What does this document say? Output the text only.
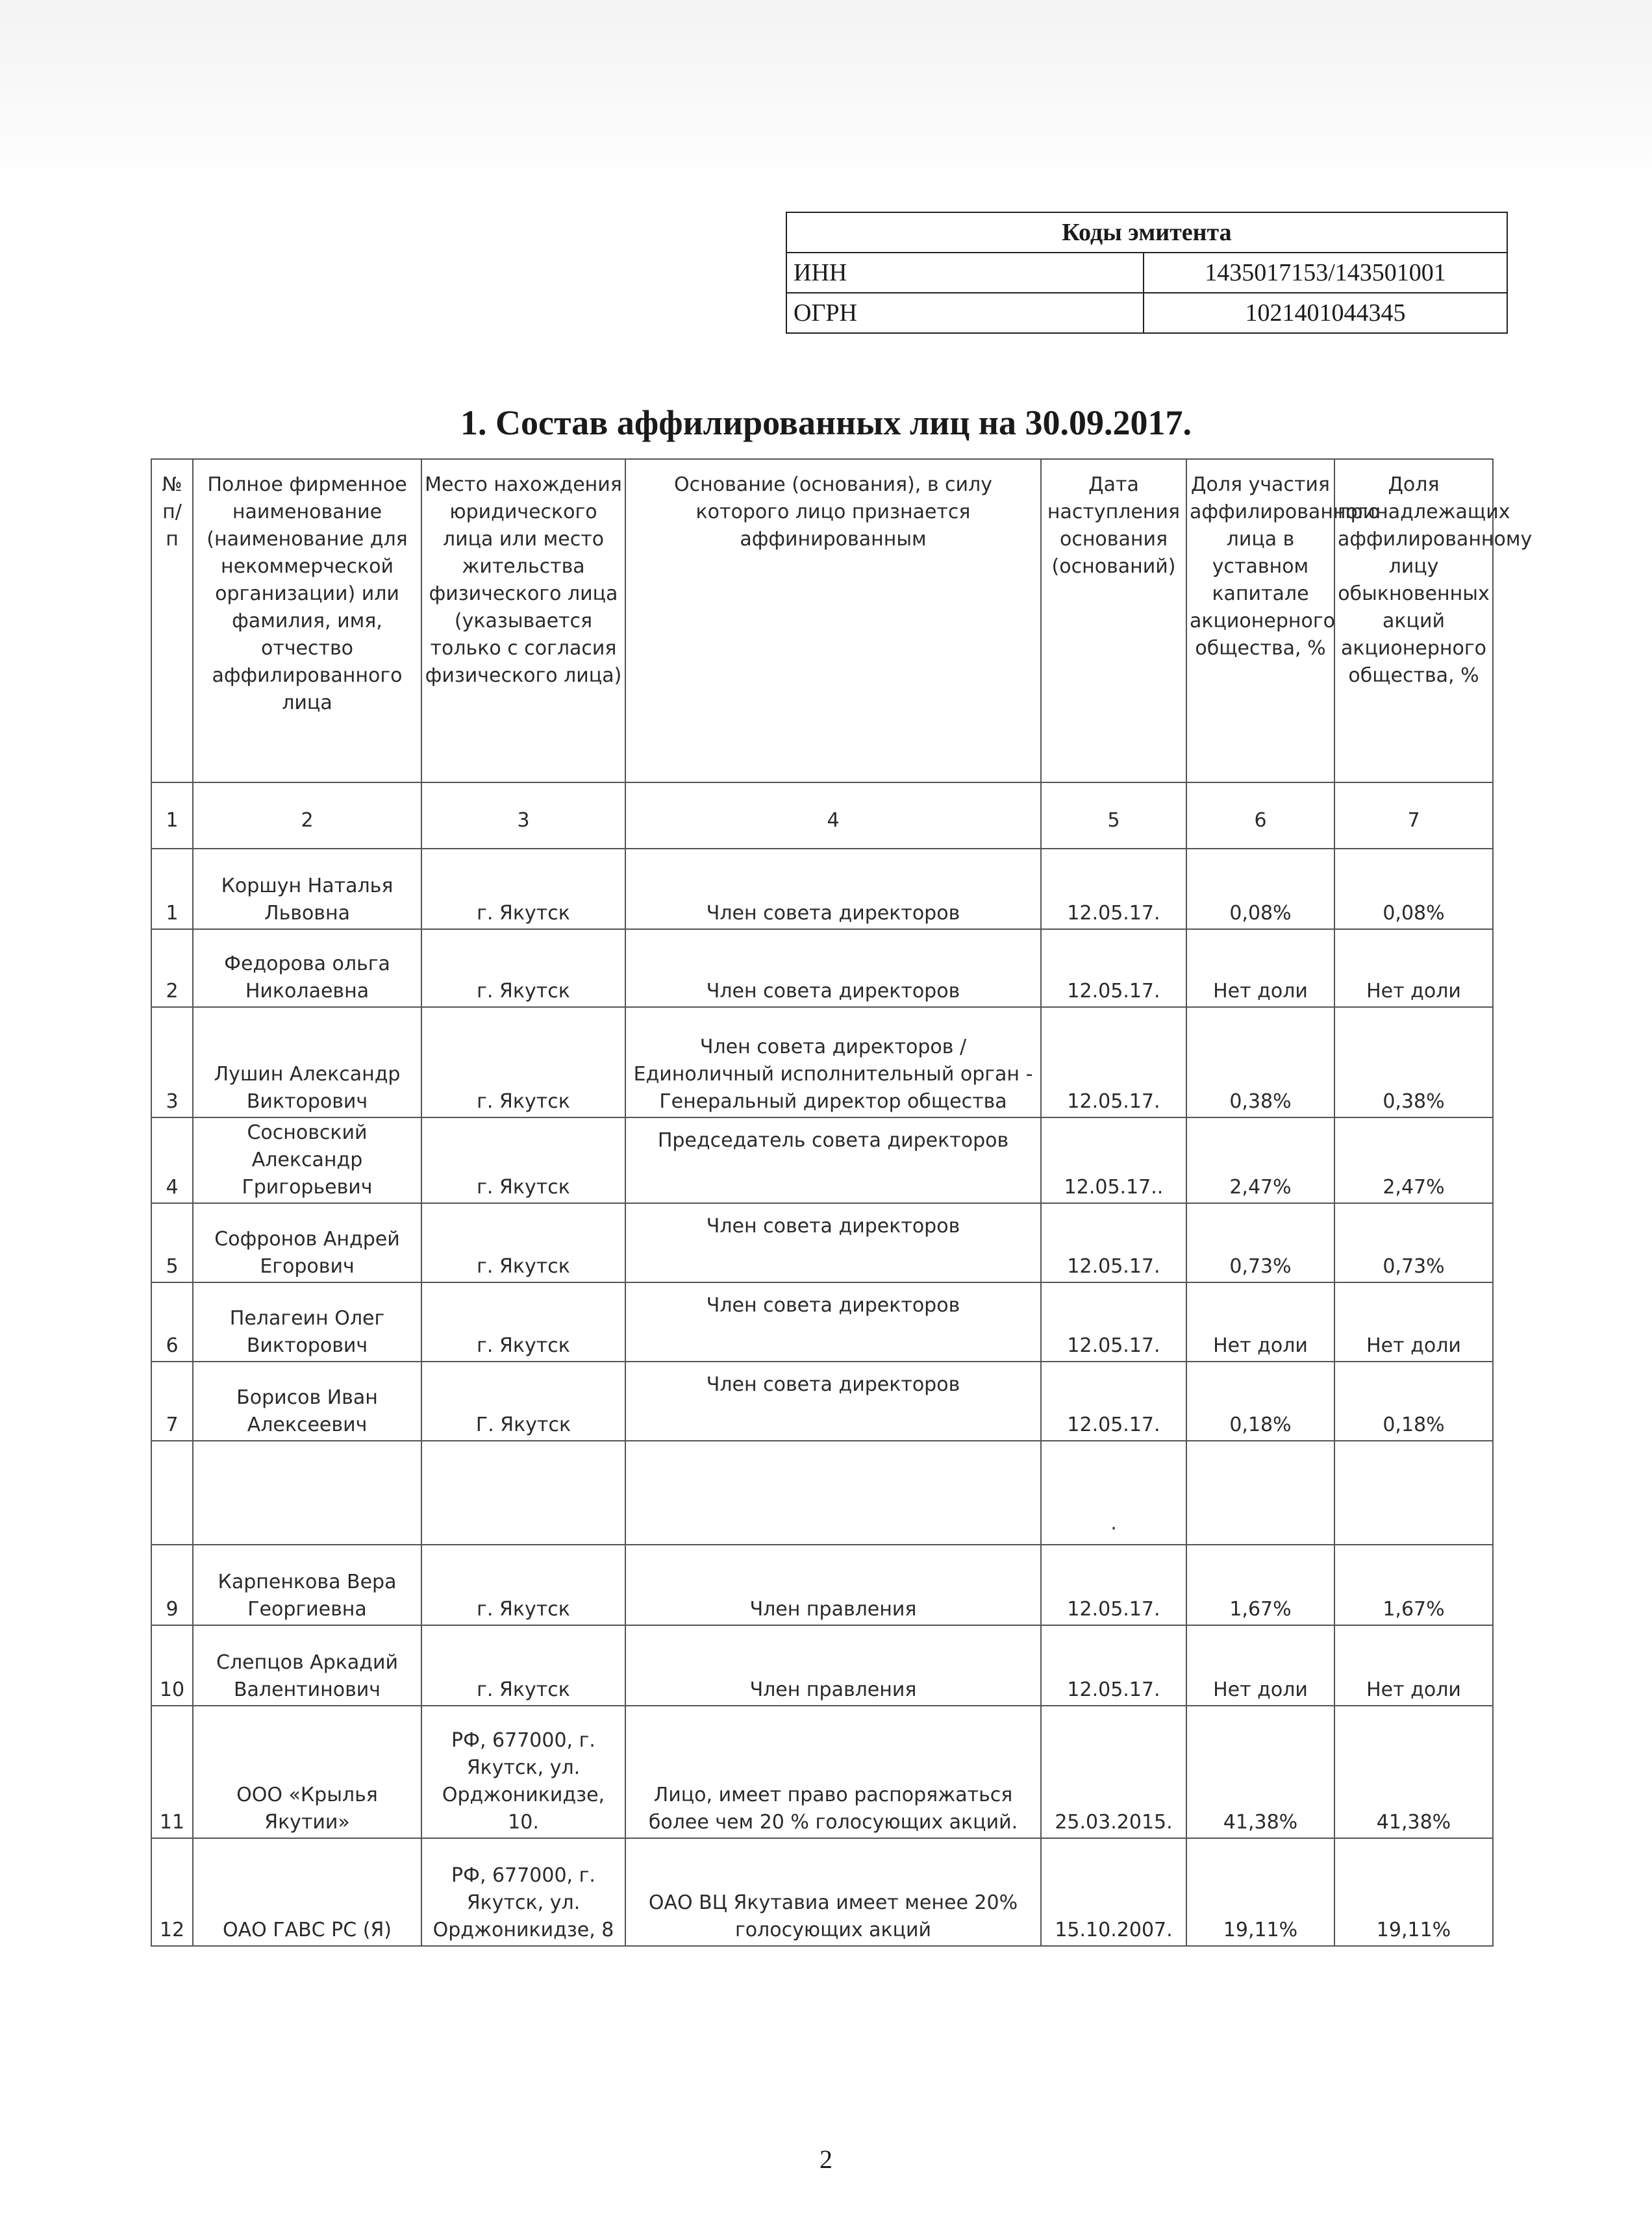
Коды эмитента	
ИНН	1435017153/143501001
ОГРН	1021401044345
1. Состав аффилированных лиц на 30.09.2017.
№ п/ п	Полное фирменное наименование (наименование для некоммерческой организации) или фамилия, имя, отчество аффилированного лица	Место нахождения юридического лица или место жительства физического лица (указывается только с согласия физического лица)	Основание (основания), в силу которого лицо признается аффинированным	Дата наступления основания (оснований)	Доля участия аффилированного лица в уставном капитале акционерного общества, %	Доля принадлежащих аффилированному лицу обыкновенных акций акционерного общества, %
1	2	3	4	5	6	7
1	Коршун Наталья Львовна	г. Якутск	Член совета директоров	12.05.17.	0,08%	0,08%
2	Федорова ольга Николаевна	г. Якутск	Член совета директоров	12.05.17.	Нет доли	Нет доли
3	Лушин Александр Викторович	г. Якутск	Член совета директоров / Единоличный исполнительный орган - Генеральный директор общества	12.05.17.	0,38%	0,38%
4	Сосновский Александр Григорьевич	г. Якутск	Председатель совета директоров	12.05.17..	2,47%	2,47%
5	Софронов Андрей Егорович	г. Якутск	Член совета директоров	12.05.17.	0,73%	0,73%
6	Пелагеин Олег Викторович	г. Якутск	Член совета директоров	12.05.17.	Нет доли	Нет доли
7	Борисов Иван Алексеевич	Г. Якутск	Член совета директоров	12.05.17.	0,18%	0,18%
				·		
9	Карпенкова Вера Георгиевна	г. Якутск	Член правления	12.05.17.	1,67%	1,67%
10	Слепцов Аркадий Валентинович	г. Якутск	Член правления	12.05.17.	Нет доли	Нет доли
11	ООО «Крылья Якутии»	РФ, 677000, г. Якутск, ул. Орджоникидзе, 10.	Лицо, имеет право распоряжаться более чем 20 % голосующих акций.	25.03.2015.	41,38%	41,38%
12	ОАО ГАВС РС (Я)	РФ, 677000, г. Якутск, ул. Орджоникидзе, 8	ОАО ВЦ Якутавиа имеет менее 20% голосующих акций	15.10.2007.	19,11%	19,11%
2
